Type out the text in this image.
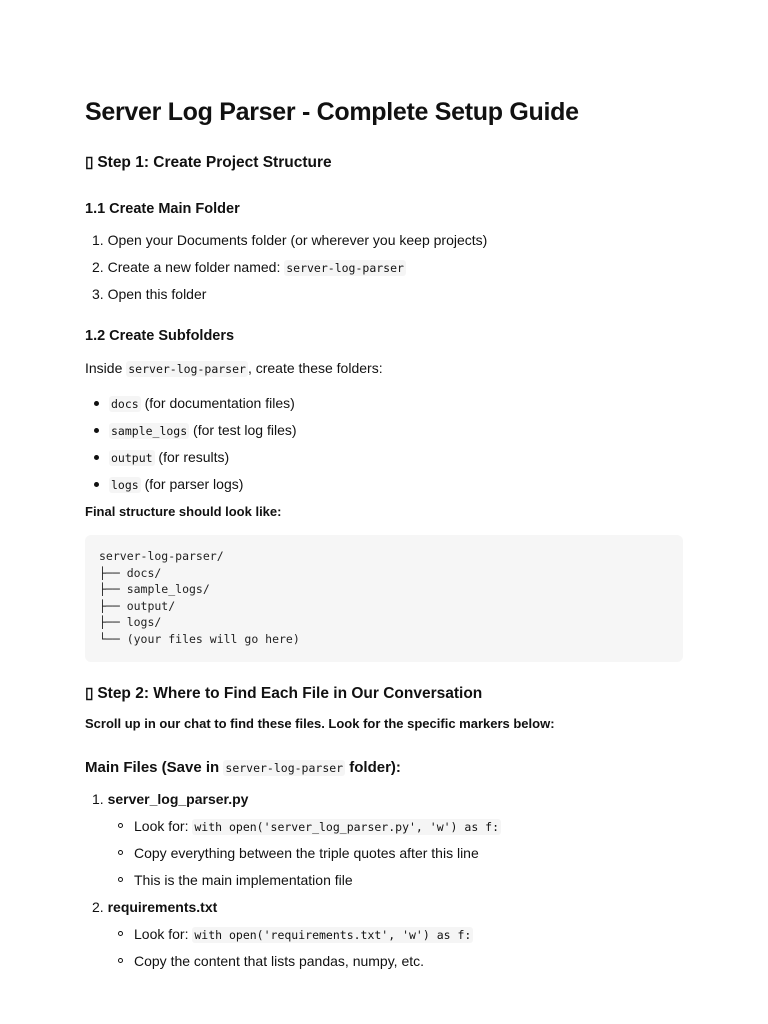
Server Log Parser - Complete Setup Guide
▯ Step 1: Create Project Structure
1.1 Create Main Folder
1. Open your Documents folder (or wherever you keep projects)
2. Create a new folder named: server-log-parser
3. Open this folder
1.2 Create Subfolders
Inside server-log-parser , create these folders:
docs (for documentation files)
sample_logs (for test log files)
output (for results)
logs (for parser logs)
Final structure should look like:
server-log-parser/
├── docs/
├── sample_logs/
├── output/
├── logs/
└── (your files will go here)
▯ Step 2: Where to Find Each File in Our Conversation
Scroll up in our chat to find these files. Look for the specific markers below:
Main Files (Save in server-log-parser folder):
1. server_log_parser.py
Look for: with open('server_log_parser.py', 'w') as f:
Copy everything between the triple quotes after this line
This is the main implementation file
2. requirements.txt
Look for: with open('requirements.txt', 'w') as f:
Copy the content that lists pandas, numpy, etc.
